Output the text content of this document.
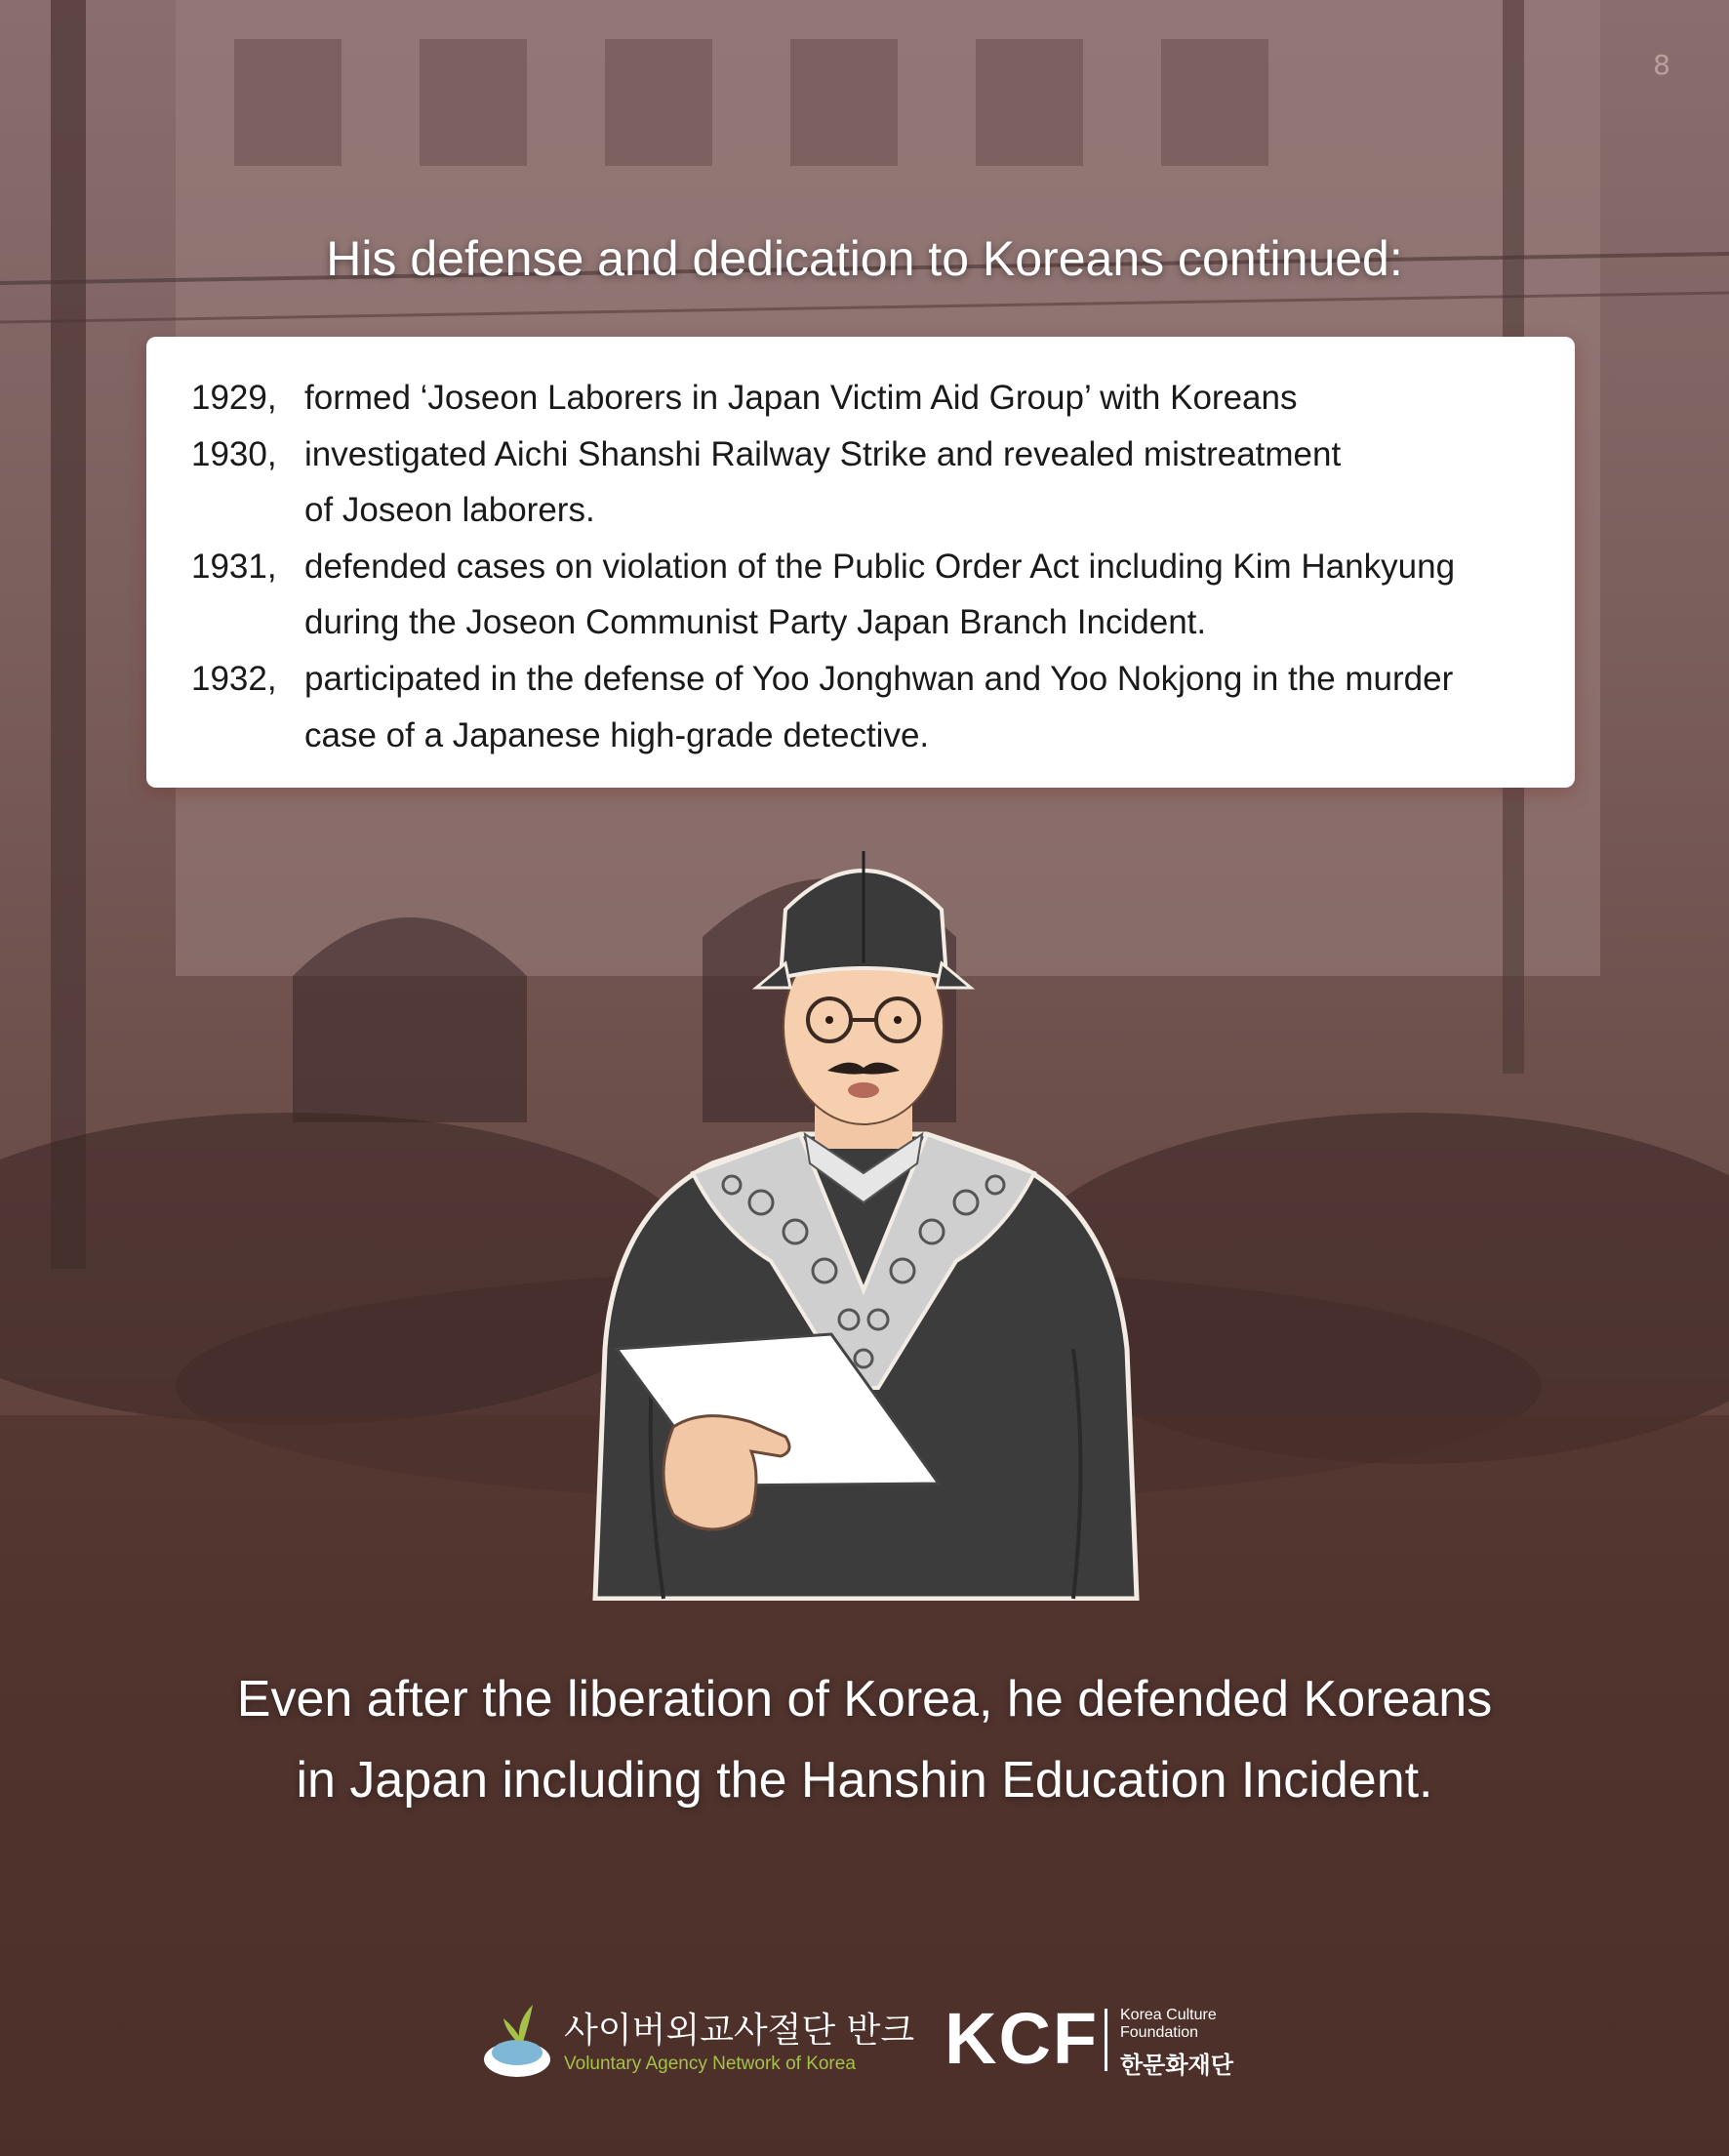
8
His defense and dedication to Koreans continued:
1929, formed ‘Joseon Laborers in Japan Victim Aid Group’ with Koreans
1930, investigated Aichi Shanshi Railway Strike and revealed mistreatment
of Joseon laborers.
1931, defended cases on violation of the Public Order Act including Kim Hankyung
during the Joseon Communist Party Japan Branch Incident.
1932, participated in the defense of Yoo Jonghwan and Yoo Nokjong in the murder
case of a Japanese high-grade detective.
Even after the liberation of Korea, he defended Koreans
in Japan including the Hanshin Education Incident.
사이버외교사절단 반크
Voluntary Agency Network of Korea KCF Korea Culture Foundation
한문화재단
